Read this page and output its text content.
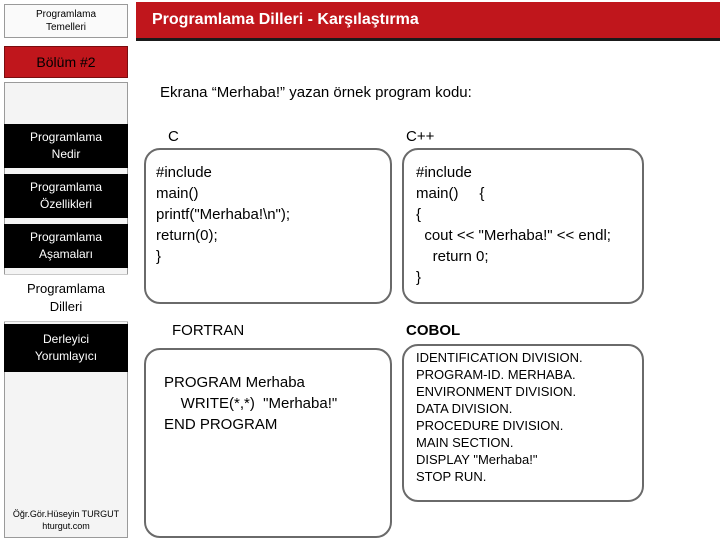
Programlama
Temelleri	Programlama Dilleri - Karşılaştırma
Bölüm #2
Programlama
Nedir
Programlama
Özellikleri
Programlama
Aşamaları
Programlama
Dilleri
Derleyici
Yorumlayıcı
Öğr.Gör.Hüseyin TURGUT
hturgut.com
Ekrana “Merhaba!” yazan örnek program kodu:
C
#include
main()
printf("Merhaba!\n");
return(0);
}
C++
#include
main()     {
{
cout << "Merhaba!" << endl;
return 0;
}
FORTRAN
PROGRAM Merhaba
WRITE(*,*)  "Merhaba!"
END PROGRAM
COBOL
IDENTIFICATION DIVISION.
PROGRAM-ID. MERHABA.
ENVIRONMENT DIVISION.
DATA DIVISION.
PROCEDURE DIVISION.
MAIN SECTION.
DISPLAY "Merhaba!"
STOP RUN.
